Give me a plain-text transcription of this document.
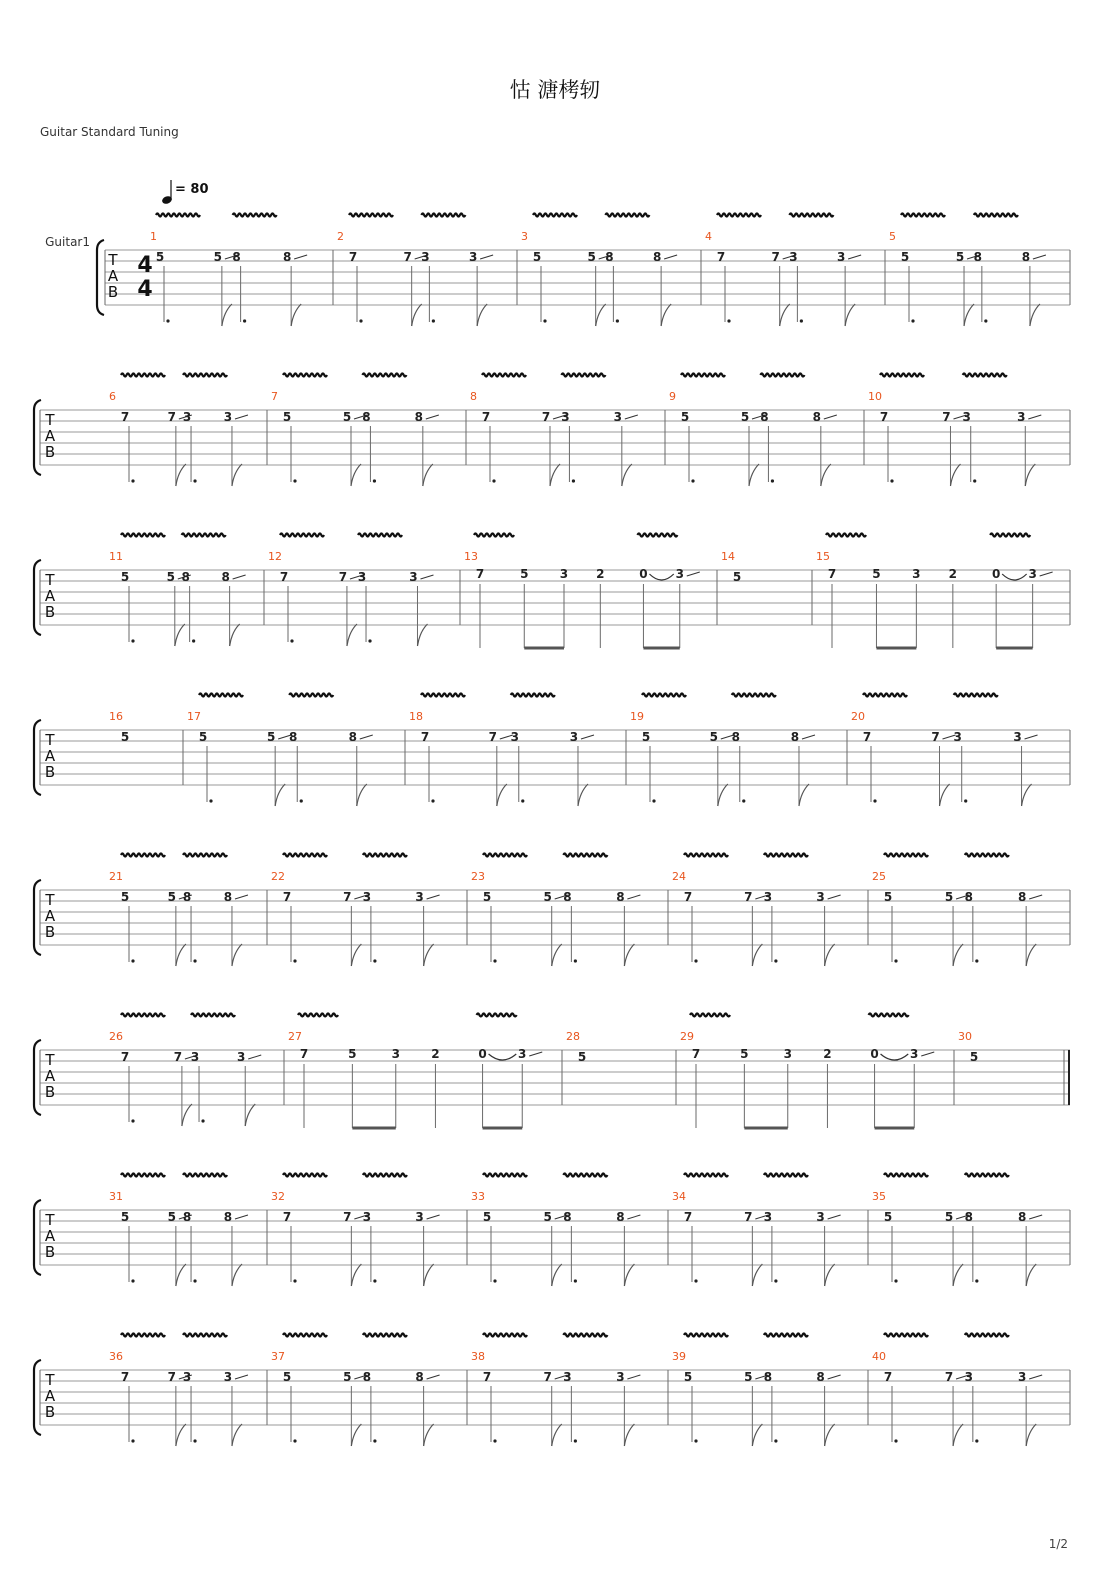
怙 溏栲轫
Guitar Standard Tuning
1/2
T
A
B
4
4
Guitar1
= 80
1
5	5 8	8
2
7	7 3	3
3
5	5 8	8
4
7	7 3	3
5
5	5 8	8
T
A
B
6
7	7 3	3
7
5	5 8	8
8
7	7 3	3
9
5	5 8	8
10
7	7 3	3
T
A
B
11
5	5 8	8
12
7	7 3	3
13
7	5	3 2	0 3
14
5
15
7	5	3 2	0 3
T
A
B
16
5
17
5	5 8	8
18
7	7 3	3
19
5	5 8	8
20
7	7 3	3
T
A
B
21
5	5 8	8
22
7	7 3	3
23
5	5 8	8
24
7	7 3	3
25
5	5 8	8
T
A
B
26
7	7 3	3
27
7	5	3	2	0	3
28
5
29
7	5	3	2	0	3
30
5
T
A
B
31
5	5 8	8
32
7	7 3	3
33
5	5 8	8
34
7	7 3	3
35
5	5 8	8
T
A
B
36
7	7 3	3
37
5	5 8	8
38
7	7 3	3
39
5	5 8	8
40
7	7 3	3
